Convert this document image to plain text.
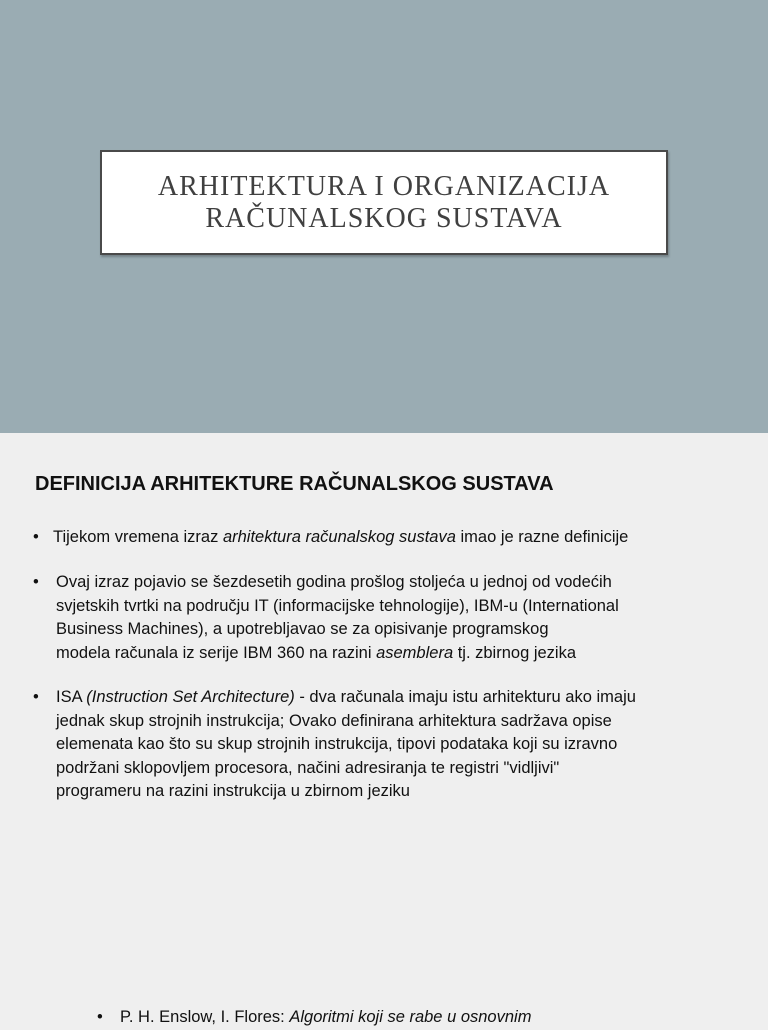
ARHITEKTURA I ORGANIZACIJA
RAČUNALSKOG SUSTAVA
DEFINICIJA ARHITEKTURE RAČUNALSKOG SUSTAVA
• Tijekom vremena izraz arhitektura računalskog sustava imao je razne definicije
•	Ovaj izraz pojavio se šezdesetih godina prošlog stoljeća u jednoj od vodećih
svjetskih tvrtki na području IT (informacijske tehnologije), IBM-u (International
Business Machines), a upotrebljavao se za opisivanje programskog
modela računala iz serije IBM 360 na razini asemblera tj. zbirnog jezika
•	ISA (Instruction Set Architecture) - dva računala imaju istu arhitekturu ako imaju
jednak skup strojnih instrukcija; Ovako definirana arhitektura sadržava opise
elemenata kao što su skup strojnih instrukcija, tipovi podataka koji su izravno
podržani sklopovljem procesora, načini adresiranja te registri "vidljivi"
programeru na razini instrukcija u zbirnom jeziku
•	P. H. Enslow, I. Flores: Algoritmi koji se rabe u osnovnim
